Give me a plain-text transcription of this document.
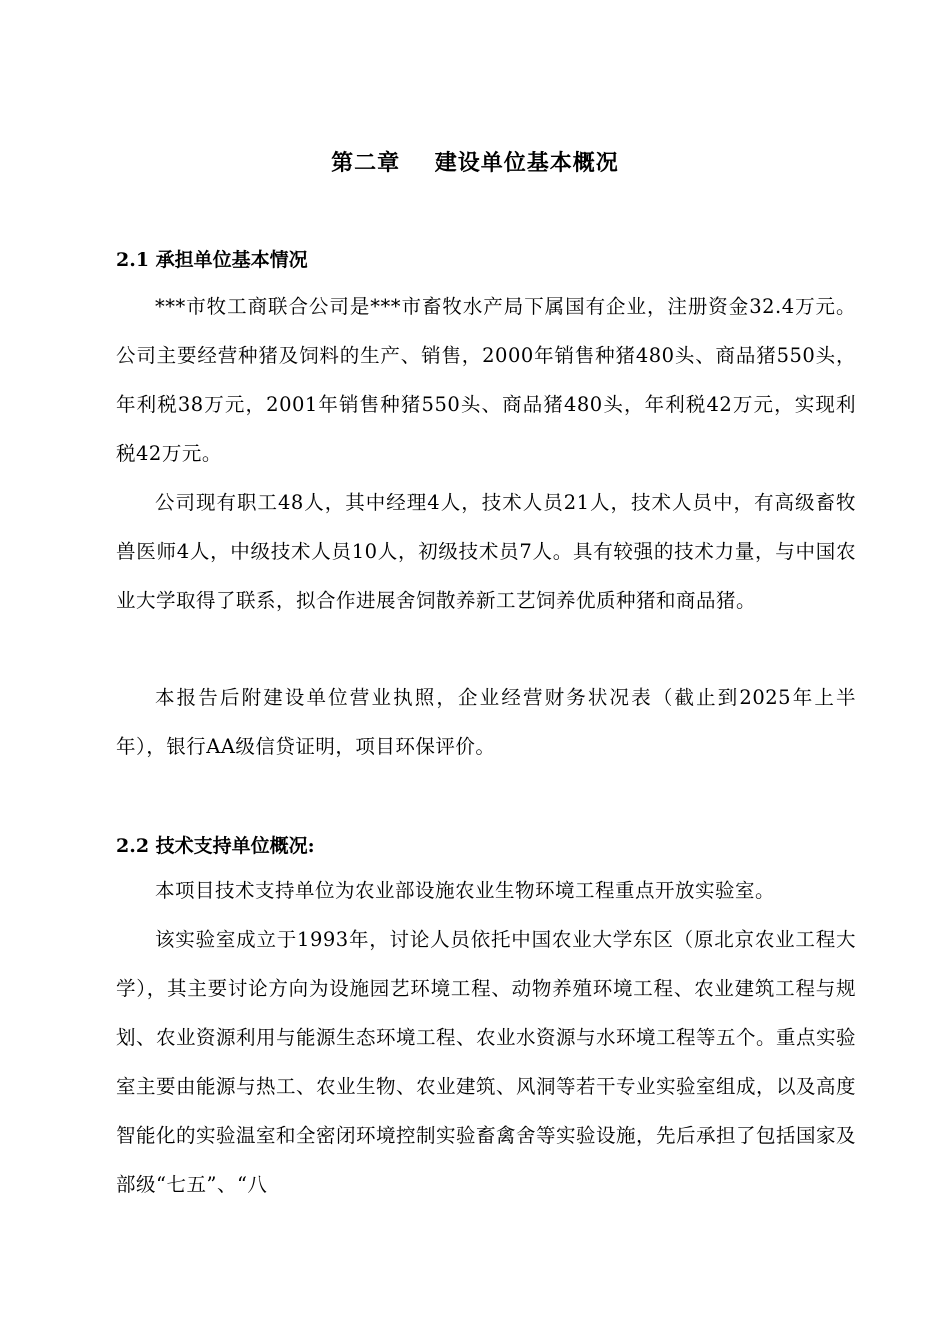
第二章    建设单位基本概况
2.1 承担单位基本情况
***市牧工商联合公司是***市畜牧水产局下属国有企业，注册资金32.4万元。公司主要经营种猪及饲料的生产、销售，2000年销售种猪480头、商品猪550头，年利税38万元，2001年销售种猪550头、商品猪480头，年利税42万元，实现利税42万元。
公司现有职工48人，其中经理4人，技术人员21人，技术人员中，有高级畜牧兽医师4人，中级技术人员10人，初级技术员7人。具有较强的技术力量，与中国农业大学取得了联系，拟合作进展舍饲散养新工艺饲养优质种猪和商品猪。
本报告后附建设单位营业执照，企业经营财务状况表（截止到2025年上半年），银行AA级信贷证明，项目环保评价。
2.2 技术支持单位概况:
本项目技术支持单位为农业部设施农业生物环境工程重点开放实验室。
该实验室成立于1993年，讨论人员依托中国农业大学东区（原北京农业工程大学），其主要讨论方向为设施园艺环境工程、动物养殖环境工程、农业建筑工程与规划、农业资源利用与能源生态环境工程、农业水资源与水环境工程等五个。重点实验室主要由能源与热工、农业生物、农业建筑、风洞等若干专业实验室组成，以及高度智能化的实验温室和全密闭环境控制实验畜禽舍等实验设施，先后承担了包括国家及部级“七五”、“八
